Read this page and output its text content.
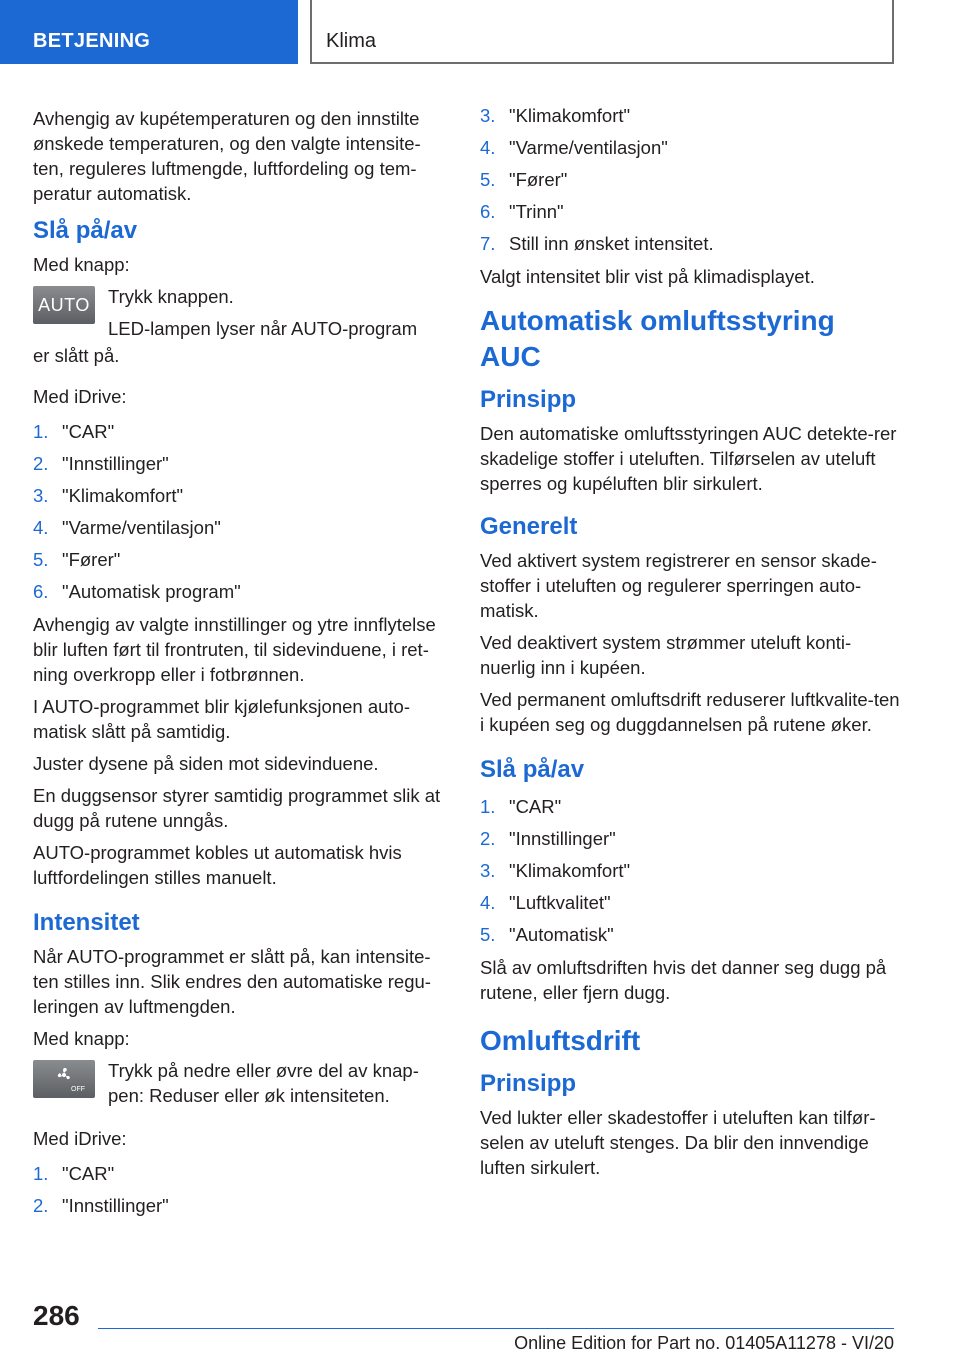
BETJENING	Klima

Avhengig av kupétemperaturen og den innstilte ønskede temperaturen, og den valgte intensite-ten, reguleres luftmengde, luftfordeling og tem-peratur automatisk.

Slå på/av

Med knapp:

AUTO Trykk knappen.

LED-lampen lyser når AUTO-program

er slått på.

Med iDrive:

1. "CAR"
2. "Innstillinger"
3. "Klimakomfort"
4. "Varme/ventilasjon"
5. "Fører"
6. "Automatisk program"

Avhengig av valgte innstillinger og ytre innflytelse blir luften ført til frontruten, til sidevinduene, i ret-ning overkropp eller i fotbrønnen.

I AUTO-programmet blir kjølefunksjonen auto-matisk slått på samtidig.

Juster dysene på siden mot sidevinduene.

En duggsensor styrer samtidig programmet slik at dugg på rutene unngås.

AUTO-programmet kobles ut automatisk hvis luftfordelingen stilles manuelt.

Intensitet

Når AUTO-programmet er slått på, kan intensite-ten stilles inn. Slik endres den automatiske regu-leringen av luftmengden.

Med knapp:

OFF

Trykk på nedre eller øvre del av knap-pen: Reduser eller øk intensiteten.

Med iDrive:

1. "CAR"
2. "Innstillinger"
3. "Klimakomfort"
4. "Varme/ventilasjon"
5. "Fører"
6. "Trinn"
7. Still inn ønsket intensitet.

Valgt intensitet blir vist på klimadisplayet.

Automatisk omluftsstyring AUC
Prinsipp

Den automatiske omluftsstyringen AUC detekte-rer skadelige stoffer i uteluften. Tilførselen av uteluft sperres og kupéluften blir sirkulert.

Generelt

Ved aktivert system registrerer en sensor skade-stoffer i uteluften og regulerer sperringen auto-matisk.

Ved deaktivert system strømmer uteluft konti-nuerlig inn i kupéen.

Ved permanent omluftsdrift reduserer luftkvalite-ten i kupéen seg og duggdannelsen på rutene øker.

Slå på/av
1. "CAR"
2. "Innstillinger"
3. "Klimakomfort"
4. "Luftkvalitet"
5. "Automatisk"

Slå av omluftsdriften hvis det danner seg dugg på rutene, eller fjern dugg.

Omluftsdrift
Prinsipp

Ved lukter eller skadestoffer i uteluften kan tilfør-selen av uteluft stenges. Da blir den innvendige luften sirkulert.

286
Online Edition for Part no. 01405A11278 - VI/20
